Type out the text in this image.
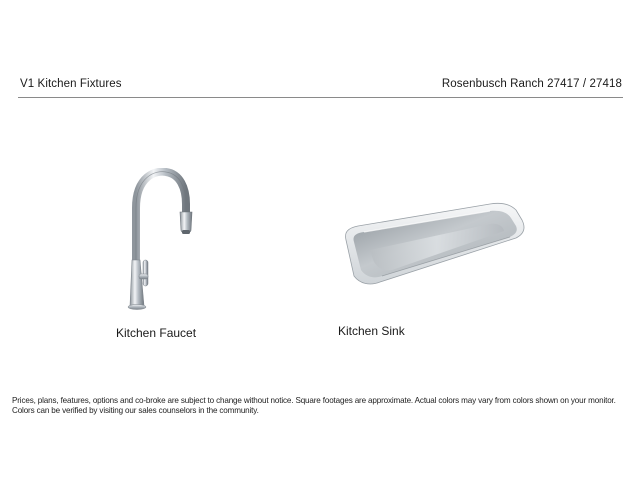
V1 Kitchen Fixtures	Rosenbusch Ranch 27417 / 27418
Kitchen Faucet	Kitchen Sink
Prices, plans, features, options and co-broke are subject to change without notice. Square footages are approximate. Actual colors may vary from colors shown on your monitor. Colors can be verified by visiting our sales counselors in the community.
